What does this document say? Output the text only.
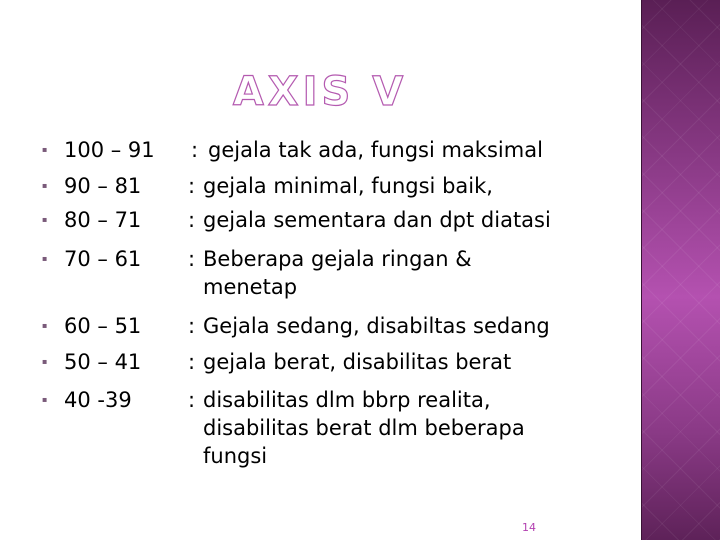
AXIS V
▪ 100 – 91 : gejala tak ada, fungsi maksimal
▪ 90 – 81 : gejala minimal, fungsi baik,
▪ 80 – 71 : gejala sementara dan dpt diatasi
▪ 70 – 61 : Beberapa gejala ringan &
menetap
▪ 60 – 51 : Gejala sedang, disabiltas sedang
▪ 50 – 41 : gejala berat, disabilitas berat
▪ 40 -39	: disabilitas dlm bbrp realita,
disabilitas berat dlm beberapa
fungsi
14
